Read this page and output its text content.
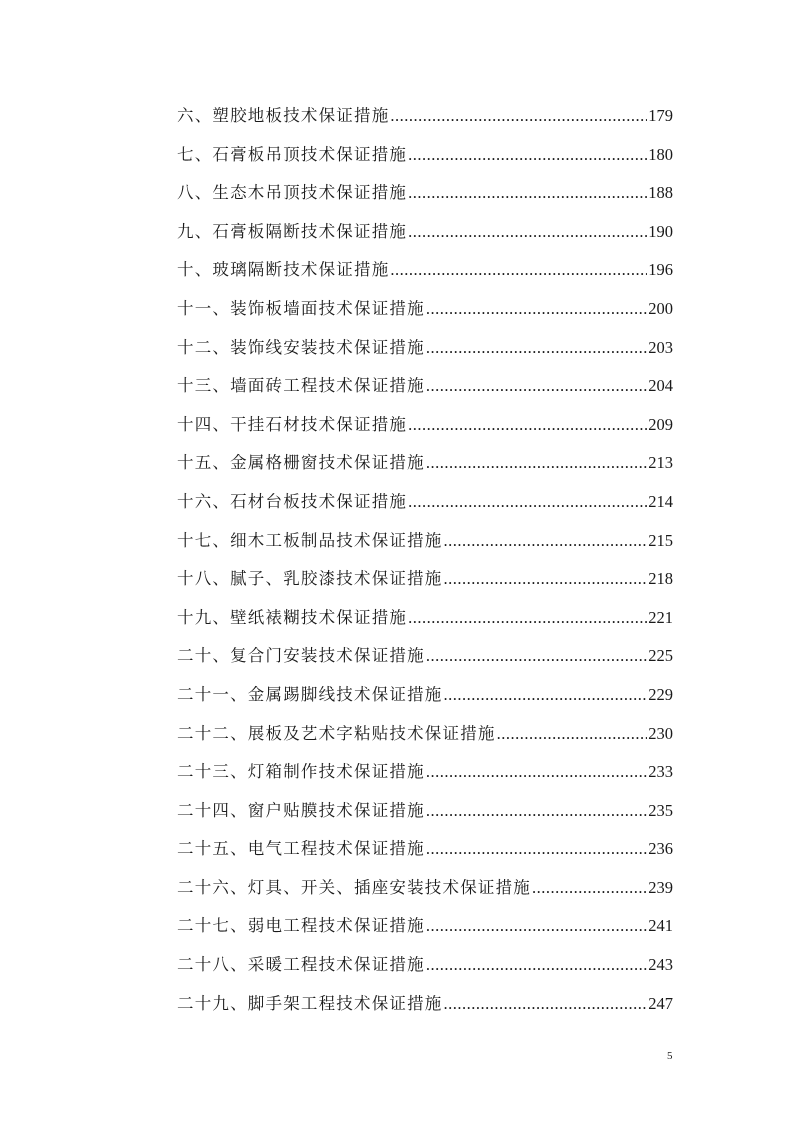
六、塑胶地板技术保证措施 .....	179
七、石膏板吊顶技术保证措施 .....	180
八、生态木吊顶技术保证措施 .....	188
九、石膏板隔断技术保证措施 .....	190
十、玻璃隔断技术保证措施 .....	196
十一、装饰板墙面技术保证措施 .....	200
十二、装饰线安装技术保证措施 .....	203
十三、墙面砖工程技术保证措施 .....	204
十四、干挂石材技术保证措施 .....	209
十五、金属格栅窗技术保证措施 .....	213
十六、石材台板技术保证措施 .....	214
十七、细木工板制品技术保证措施 .....	215
十八、腻子、乳胶漆技术保证措施 .....	218
十九、壁纸裱糊技术保证措施 .....	221
二十、复合门安装技术保证措施 .....	225
二十一、金属踢脚线技术保证措施 .....	229
二十二、展板及艺术字粘贴技术保证措施 .....	230
二十三、灯箱制作技术保证措施 .....	233
二十四、窗户贴膜技术保证措施 .....	235
二十五、电气工程技术保证措施 .....	236
二十六、灯具、开关、插座安装技术保证措施 .....	239
二十七、弱电工程技术保证措施 .....	241
二十八、采暖工程技术保证措施 .....	243
二十九、脚手架工程技术保证措施 .....	247
5
